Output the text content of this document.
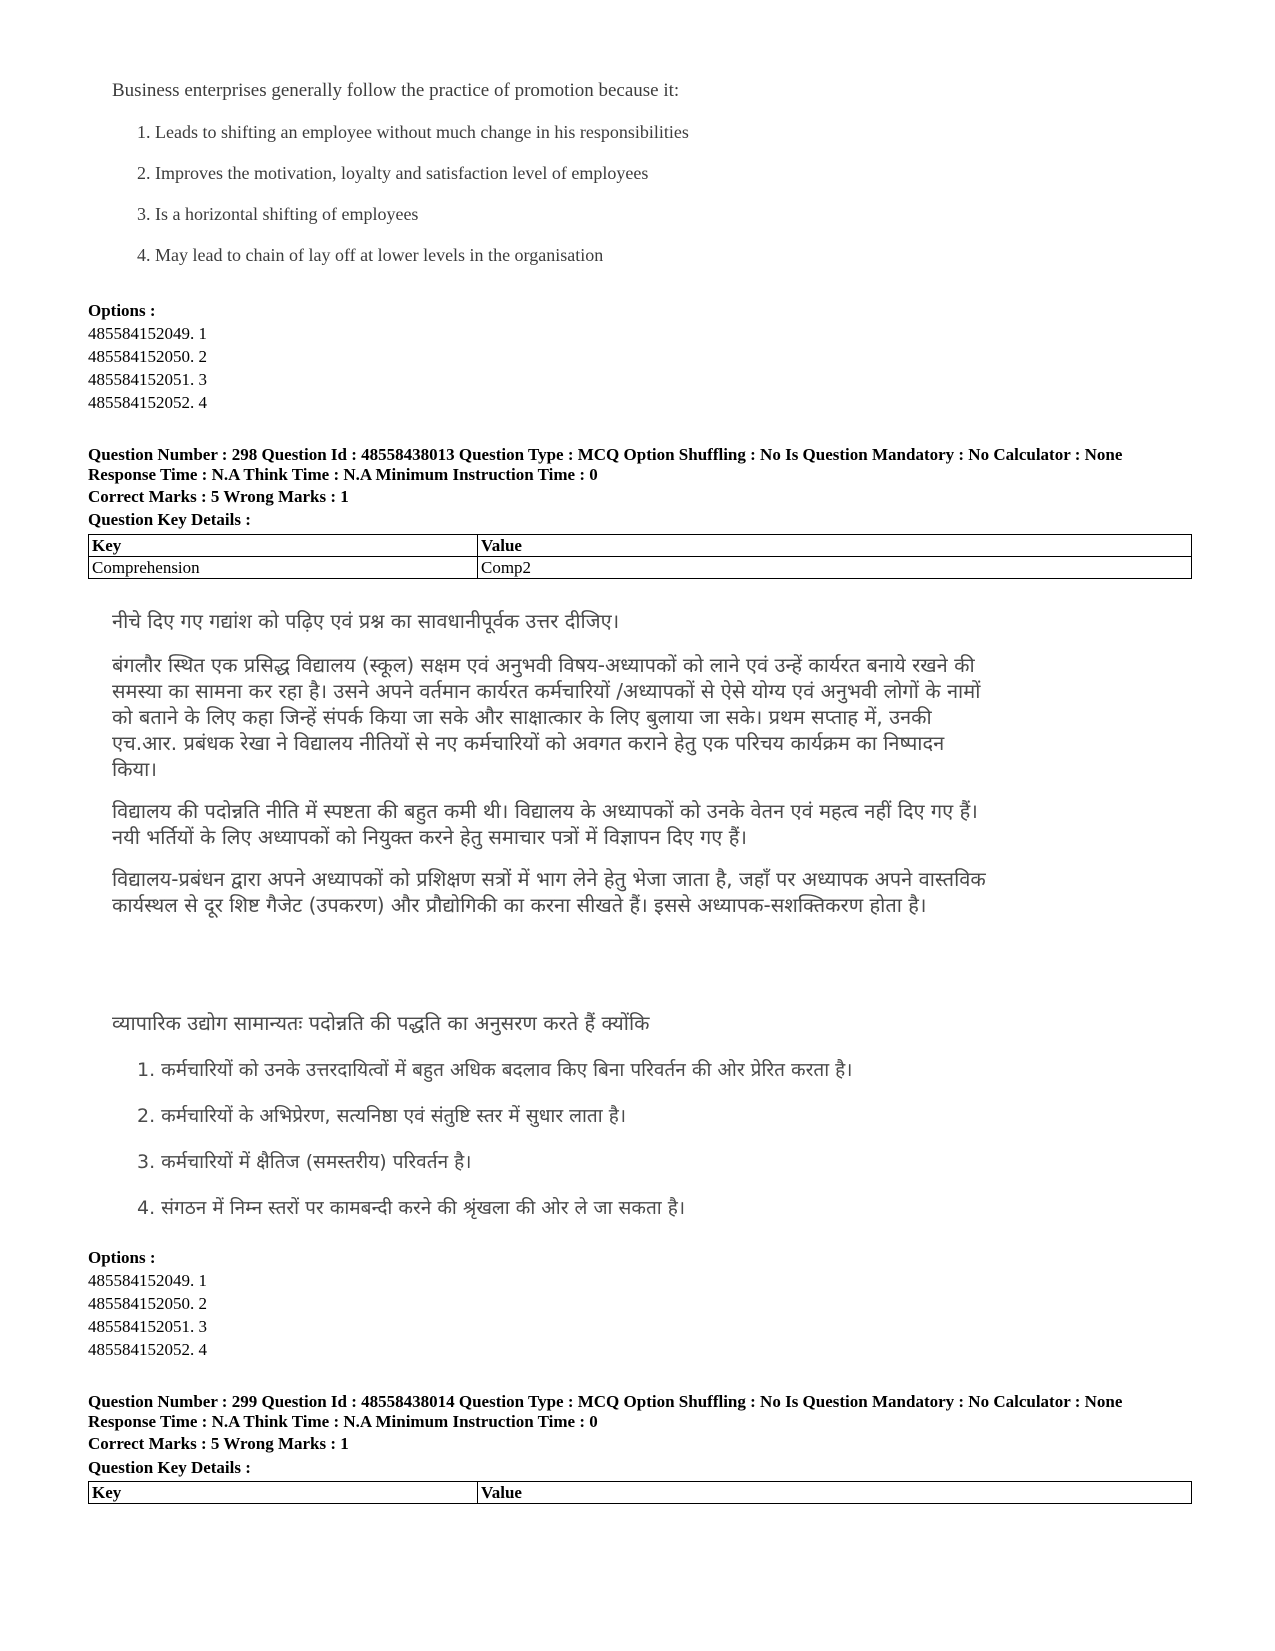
Business enterprises generally follow the practice of promotion because it:
1. Leads to shifting an employee without much change in his responsibilities
2. Improves the motivation, loyalty and satisfaction level of employees
3. Is a horizontal shifting of employees
4. May lead to chain of lay off at lower levels in the organisation
Options :
485584152049. 1
485584152050. 2
485584152051. 3
485584152052. 4
Question Number : 298 Question Id : 48558438013 Question Type : MCQ Option Shuffling : No Is Question Mandatory : No Calculator : None
Response Time : N.A Think Time : N.A Minimum Instruction Time : 0
Correct Marks : 5 Wrong Marks : 1
Question Key Details :
Key	Value
Comprehension	Comp2
नीचे दिए गए गद्यांश को पढ़िए एवं प्रश्न का सावधानीपूर्वक उत्तर दीजिए।
बंगलौर स्थित एक प्रसिद्ध विद्यालय (स्कूल) सक्षम एवं अनुभवी विषय-अध्यापकों को लाने एवं उन्हें कार्यरत बनाये रखने की समस्या का सामना कर रहा है। उसने अपने वर्तमान कार्यरत कर्मचारियों /अध्यापकों से ऐसे योग्य एवं अनुभवी लोगों के नामों को बताने के लिए कहा जिन्हें संपर्क किया जा सके और साक्षात्कार के लिए बुलाया जा सके। प्रथम सप्ताह में, उनकी एच.आर. प्रबंधक रेखा ने विद्यालय नीतियों से नए कर्मचारियों को अवगत कराने हेतु एक परिचय कार्यक्रम का निष्पादन किया।
विद्यालय की पदोन्नति नीति में स्पष्टता की बहुत कमी थी। विद्यालय के अध्यापकों को उनके वेतन एवं महत्व नहीं दिए गए हैं। नयी भर्तियों के लिए अध्यापकों को नियुक्त करने हेतु समाचार पत्रों में विज्ञापन दिए गए हैं।
विद्यालय-प्रबंधन द्वारा अपने अध्यापकों को प्रशिक्षण सत्रों में भाग लेने हेतु भेजा जाता है, जहाँ पर अध्यापक अपने वास्तविक कार्यस्थल से दूर शिष्ट गैजेट (उपकरण) और प्रौद्योगिकी का करना सीखते हैं। इससे अध्यापक-सशक्तिकरण होता है।
व्यापारिक उद्योग सामान्यतः पदोन्नति की पद्धति का अनुसरण करते हैं क्योंकि
1. कर्मचारियों को उनके उत्तरदायित्वों में बहुत अधिक बदलाव किए बिना परिवर्तन की ओर प्रेरित करता है।
2. कर्मचारियों के अभिप्रेरण, सत्यनिष्ठा एवं संतुष्टि स्तर में सुधार लाता है।
3. कर्मचारियों में क्षैतिज (समस्तरीय) परिवर्तन है।
4. संगठन में निम्न स्तरों पर कामबन्दी करने की श्रृंखला की ओर ले जा सकता है।
Options :
485584152049. 1
485584152050. 2
485584152051. 3
485584152052. 4
Question Number : 299 Question Id : 48558438014 Question Type : MCQ Option Shuffling : No Is Question Mandatory : No Calculator : None
Response Time : N.A Think Time : N.A Minimum Instruction Time : 0
Correct Marks : 5 Wrong Marks : 1
Question Key Details :
Key	Value
